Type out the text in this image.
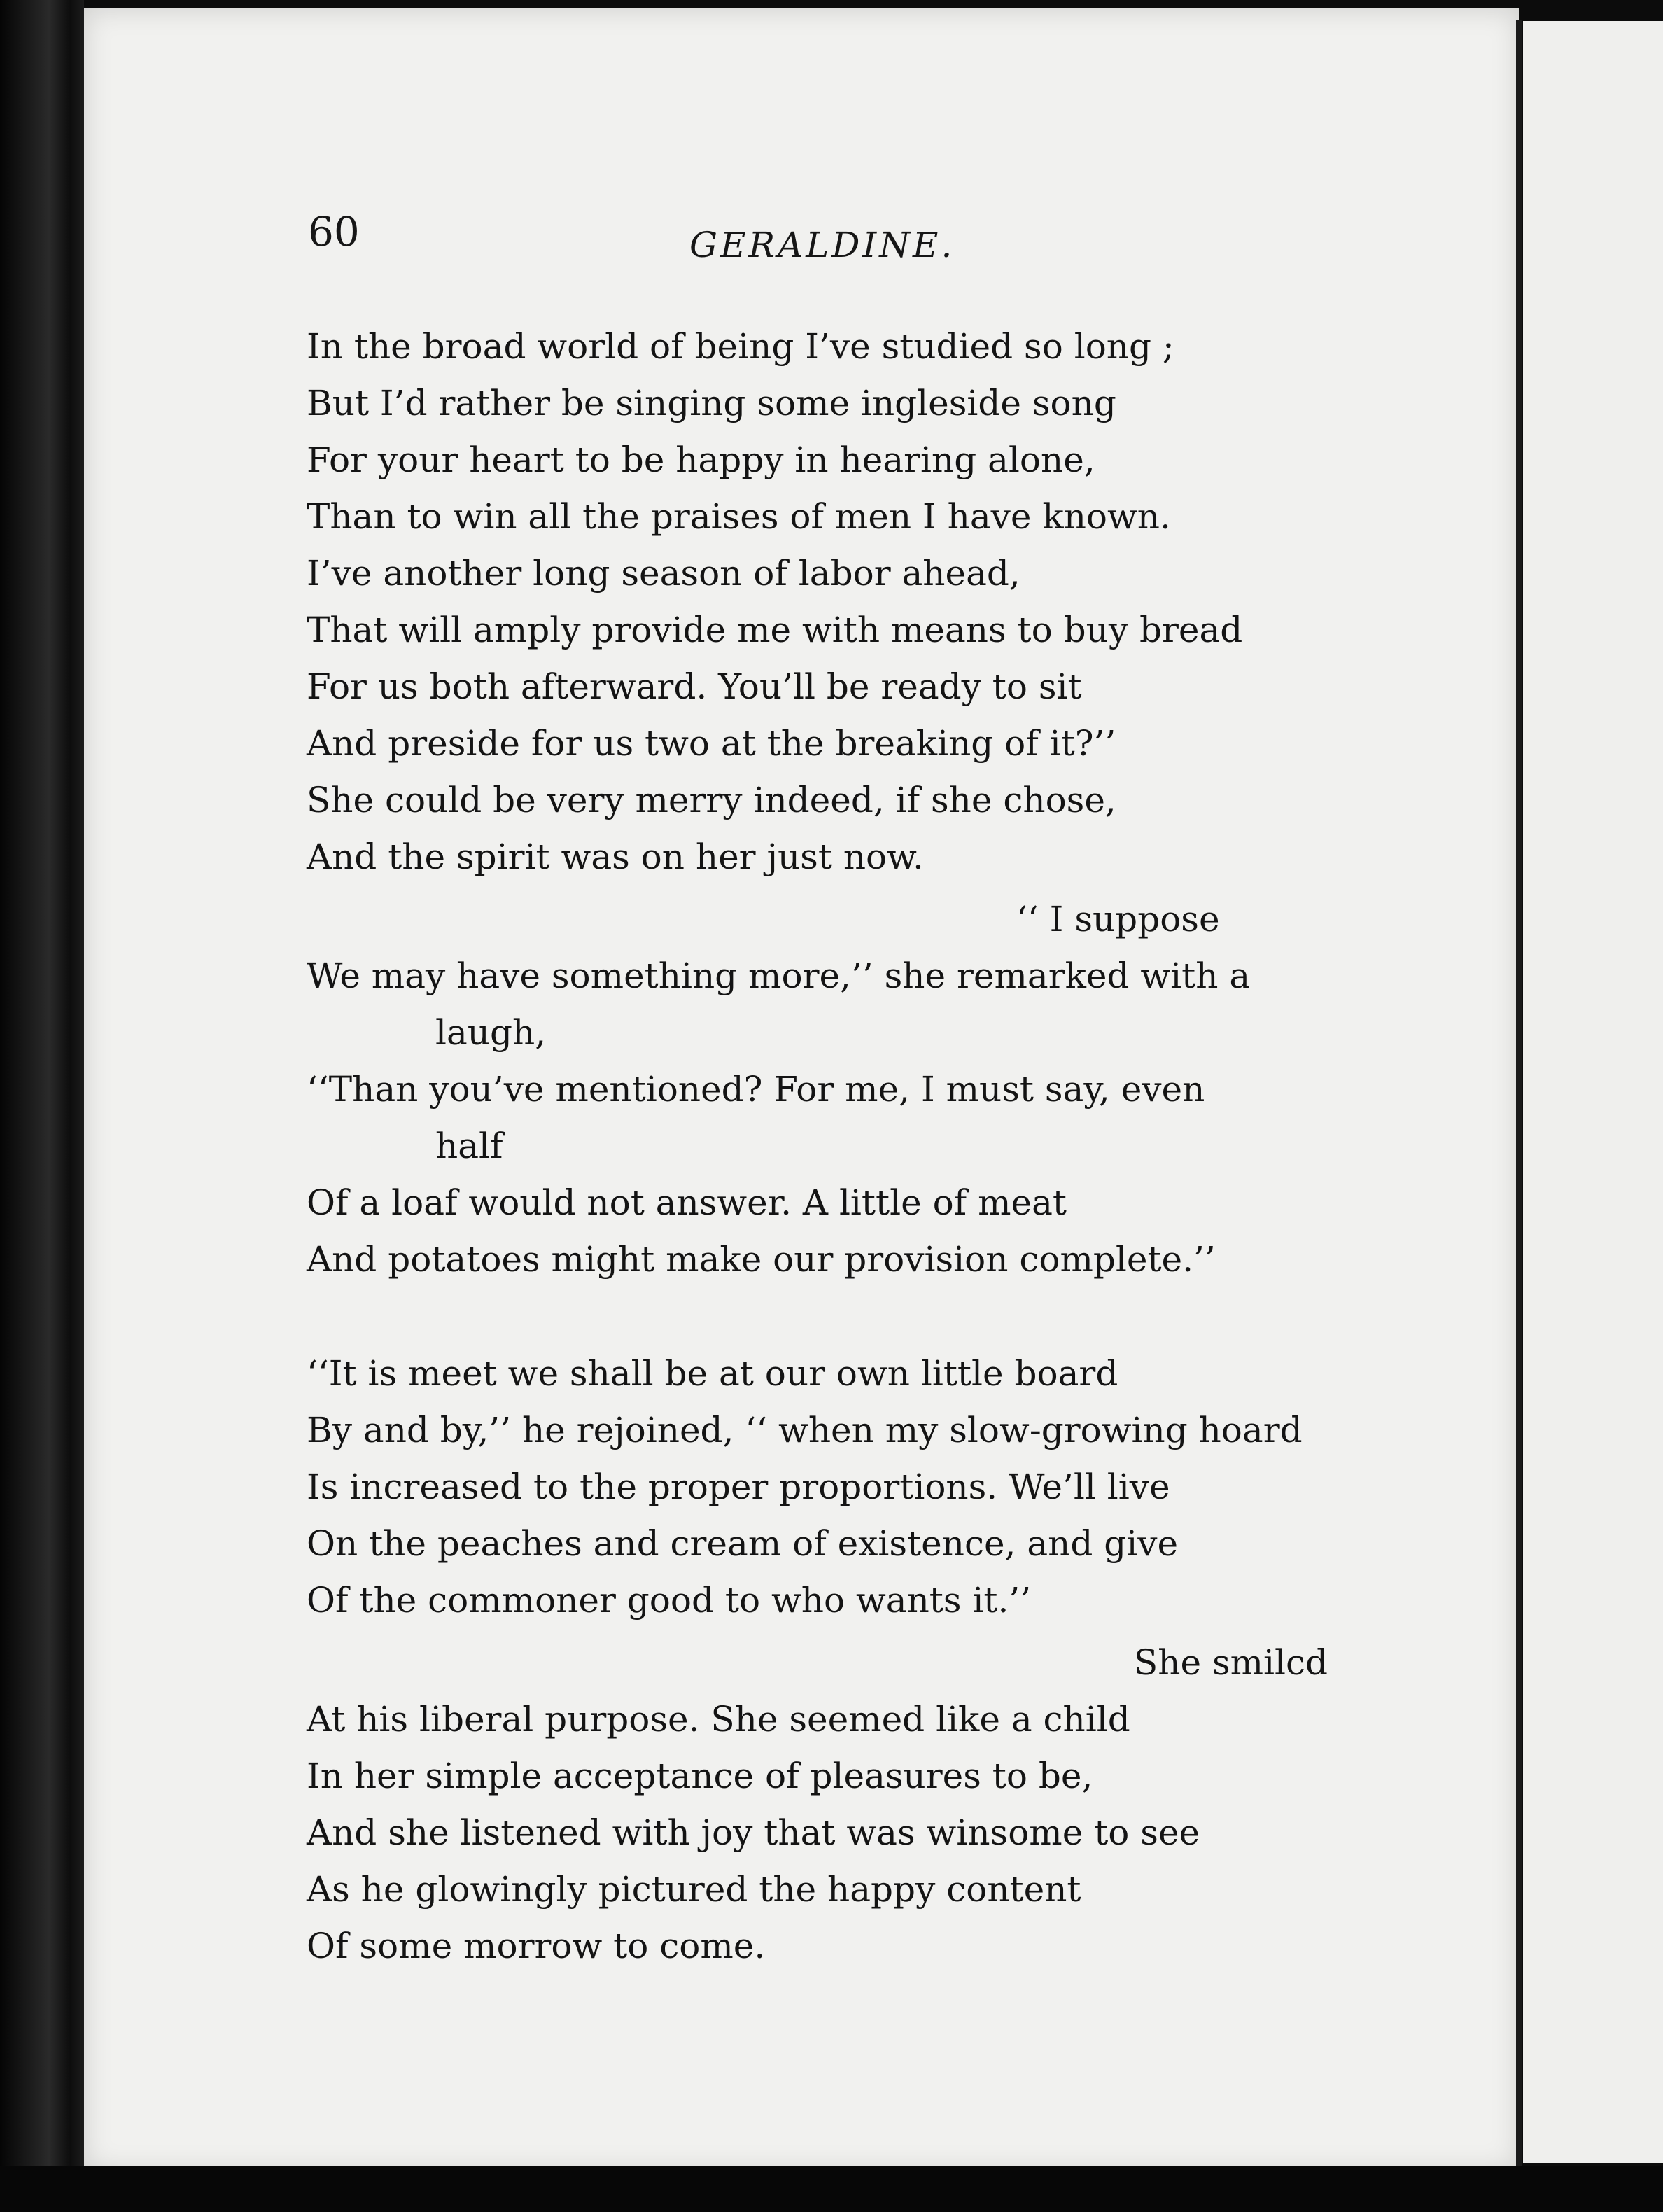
60	GERALDINE.

In the broad world of being I’ve studied so long ;
But I’d rather be singing some ingleside song
For your heart to be happy in hearing alone,
Than to win all the praises of men I have known.
I’ve another long season of labor ahead,
That will amply provide me with means to buy bread
For us both afterward. You’ll be ready to sit
And preside for us two at the breaking of it?’’
She could be very merry indeed, if she chose,
And the spirit was on her just now.
‘‘ I suppose
We may have something more,’’ she remarked with a
laugh,
‘‘Than you’ve mentioned? For me, I must say, even
half
Of a loaf would not answer. A little of meat
And potatoes might make our provision complete.’’
‘‘It is meet we shall be at our own little board
By and by,’’ he rejoined, ‘‘ when my slow-growing hoard
Is increased to the proper proportions. We’ll live
On the peaches and cream of existence, and give
Of the commoner good to who wants it.’’
She smilcd
At his liberal purpose. She seemed like a child
In her simple acceptance of pleasures to be,
And she listened with joy that was winsome to see
As he glowingly pictured the happy content
Of some morrow to come.
